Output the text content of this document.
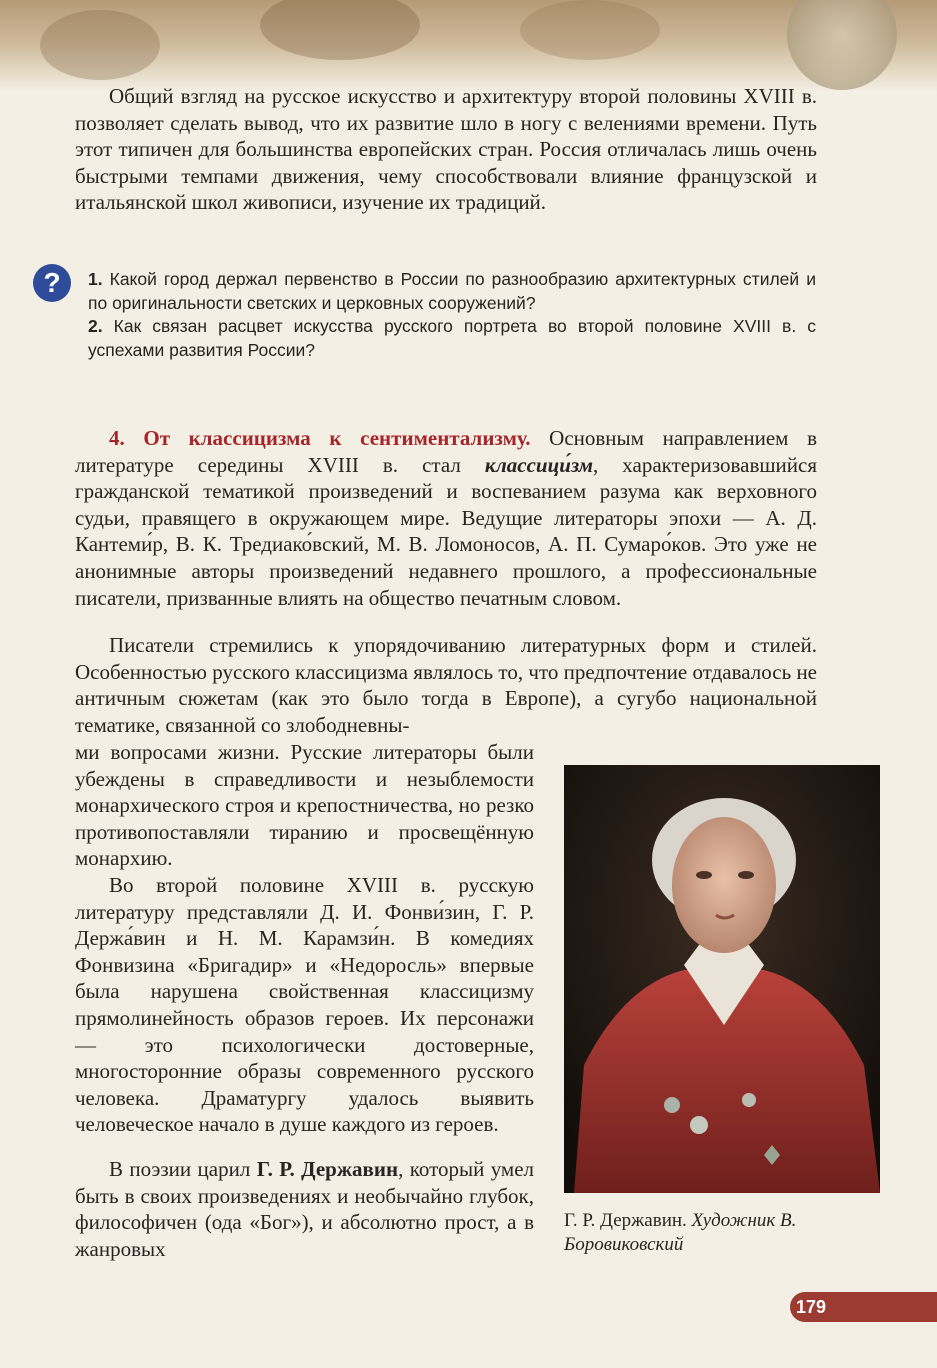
Общий взгляд на русское искусство и архитектуру второй половины XVIII в. позволяет сделать вывод, что их развитие шло в ногу с велениями времени. Путь этот типичен для большинства европейских стран. Россия отличалась лишь очень быстрыми темпами движения, чему способствовали влияние французской и итальянской школ живописи, изучение их традиций.

?	1. Какой город держал первенство в России по разнообразию архитектурных стилей и по оригинальности светских и церковных сооружений?

2. Как связан расцвет искусства русского портрета во второй половине XVIII в. с успехами развития России?

4. От классицизма к сентиментализму. Основным направлением в литературе середины XVIII в. стал классици́зм, характеризовавшийся гражданской тематикой произведений и воспеванием разума как верховного судьи, правящего в окружающем мире. Ведущие литераторы эпохи — А. Д. Кантеми́р, В. К. Тредиако́вский, М. В. Ломоносов, А. П. Сумаро́ков. Это уже не анонимные авторы произведений недавнего прошлого, а профессиональные писатели, призванные влиять на общество печатным словом.

Писатели стремились к упорядочиванию литературных форм и стилей. Особенностью русского классицизма являлось то, что предпочтение отдавалось не античным сюжетам (как это было тогда в Европе), а сугубо национальной тематике, связанной со злободневны-

ми вопросами жизни. Русские литераторы были убеждены в справедливости и незыблемости монархического строя и крепостничества, но резко противопоставляли тиранию и просвещённую монархию.

Во второй половине XVIII в. русскую литературу представляли Д. И. Фонви́зин, Г. Р. Держа́вин и Н. М. Карамзи́н. В комедиях Фонвизина «Бригадир» и «Недоросль» впервые была нарушена свойственная классицизму прямолинейность образов героев. Их персонажи — это психологически достоверные, многосторонние образы современного русского человека. Драматургу удалось выявить человеческое начало в душе каждого из героев.

В поэзии царил Г. Р. Державин, который умел быть в своих произведениях и необычайно глубок, философичен (ода «Бог»), и абсолютно прост, а в жанровых

Г. Р. Державин. Художник В. Боровиковский
179
